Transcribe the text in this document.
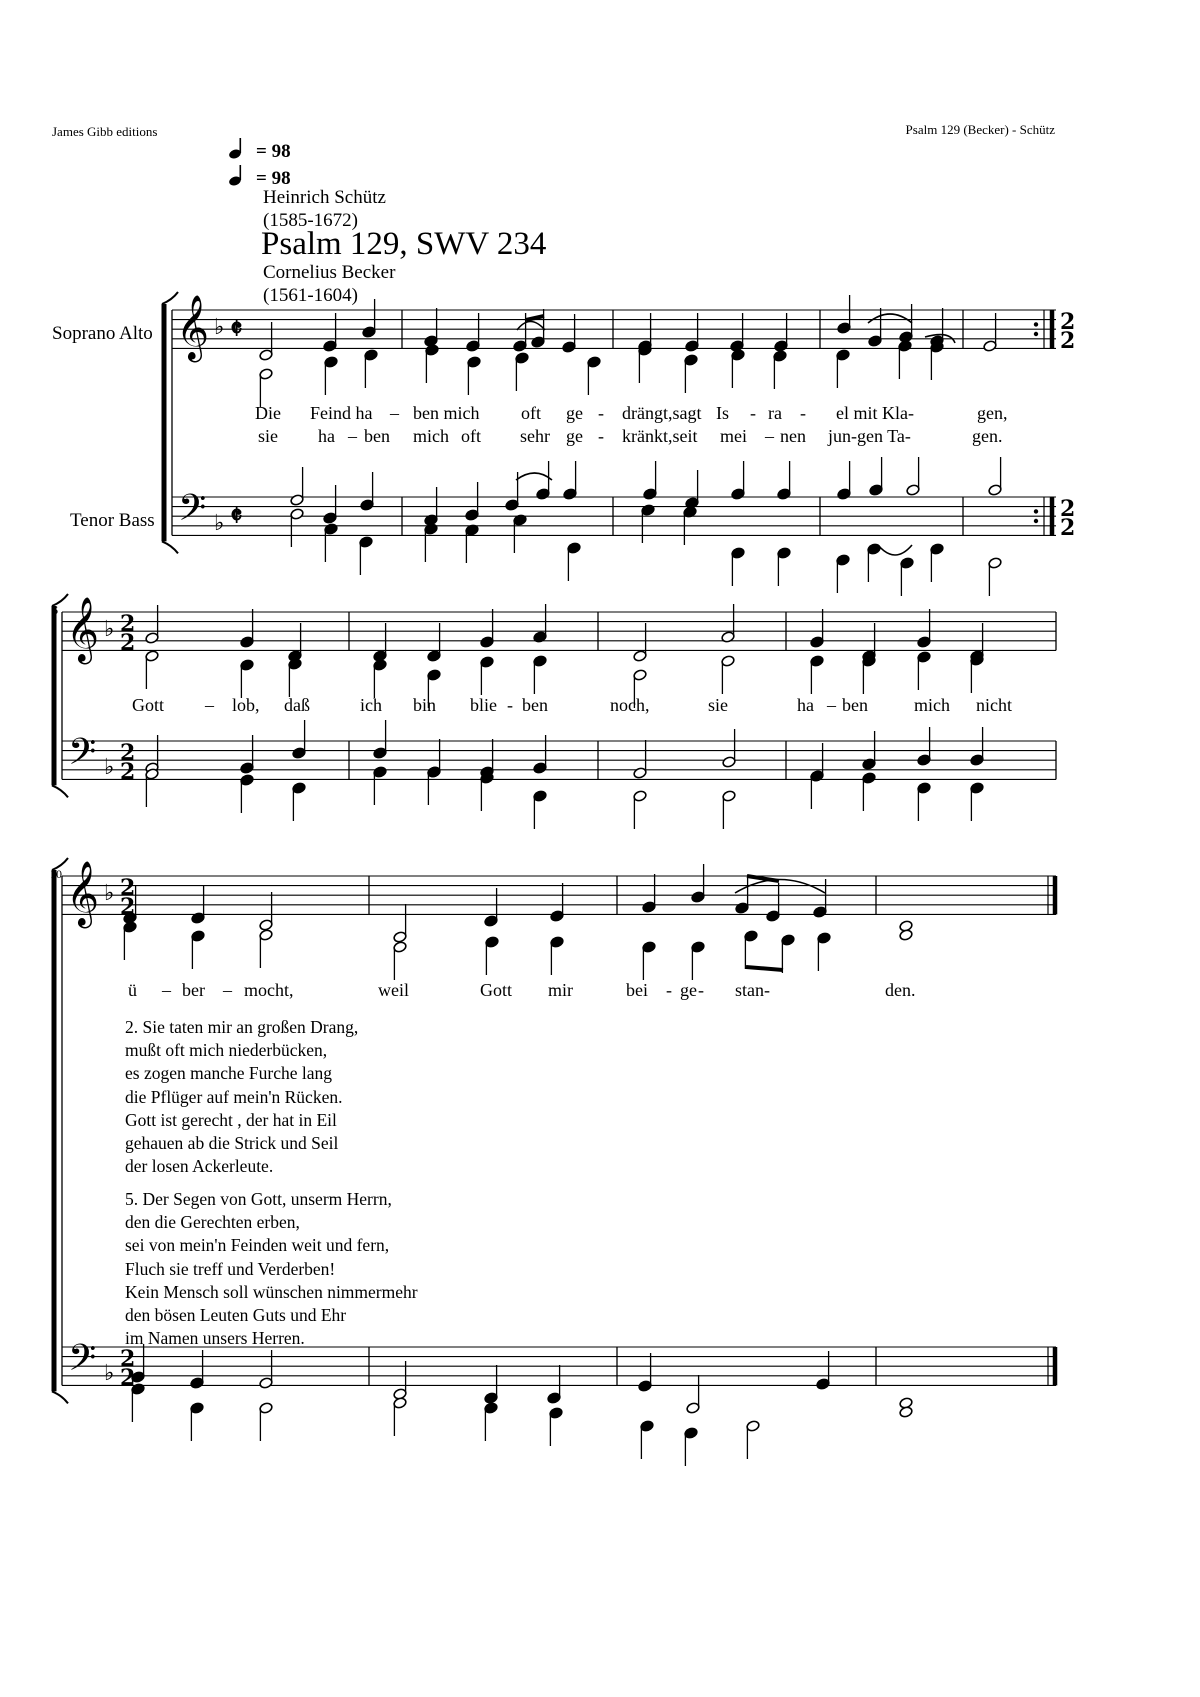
James Gibb editions	Psalm 129 (Becker) - Schütz
= 98
= 98
Heinrich Schütz
(1585-1672)
Psalm 129, SWV 234
Cornelius Becker
(1561-1604)
Soprano Alto
Tenor Bass
6
10
𝄞
𝄢
♭
♭
𝄵
𝄵
2
2
2
2
𝄞
𝄢
♭
♭
2
2
2
2
𝄞
𝄢
♭
♭
2
2
2
2
Die Feind ha – ben mich oft ge - drängt,sagt Is - ra - el mit Kla-	gen,
sie ha – ben mich oft sehr ge - kränkt,seit mei – nen jun-gen Ta-	gen.
Gott – lob, daß	ich bin blie - ben	noch,	sie	ha – ben	mich nicht
ü – ber – mocht,	weil	Gott mir	bei - ge - stan-	den.
2. Sie taten mir an großen Drang,
mußt oft mich niederbücken,
es zogen manche Furche lang
die Pflüger auf mein'n Rücken.
Gott ist gerecht , der hat in Eil
gehauen ab die Strick und Seil
der losen Ackerleute.
5. Der Segen von Gott, unserm Herrn,
den die Gerechten erben,
sei von mein'n Feinden weit und fern,
Fluch sie treff und Verderben!
Kein Mensch soll wünschen nimmermehr
den bösen Leuten Guts und Ehr
im Namen unsers Herren.
